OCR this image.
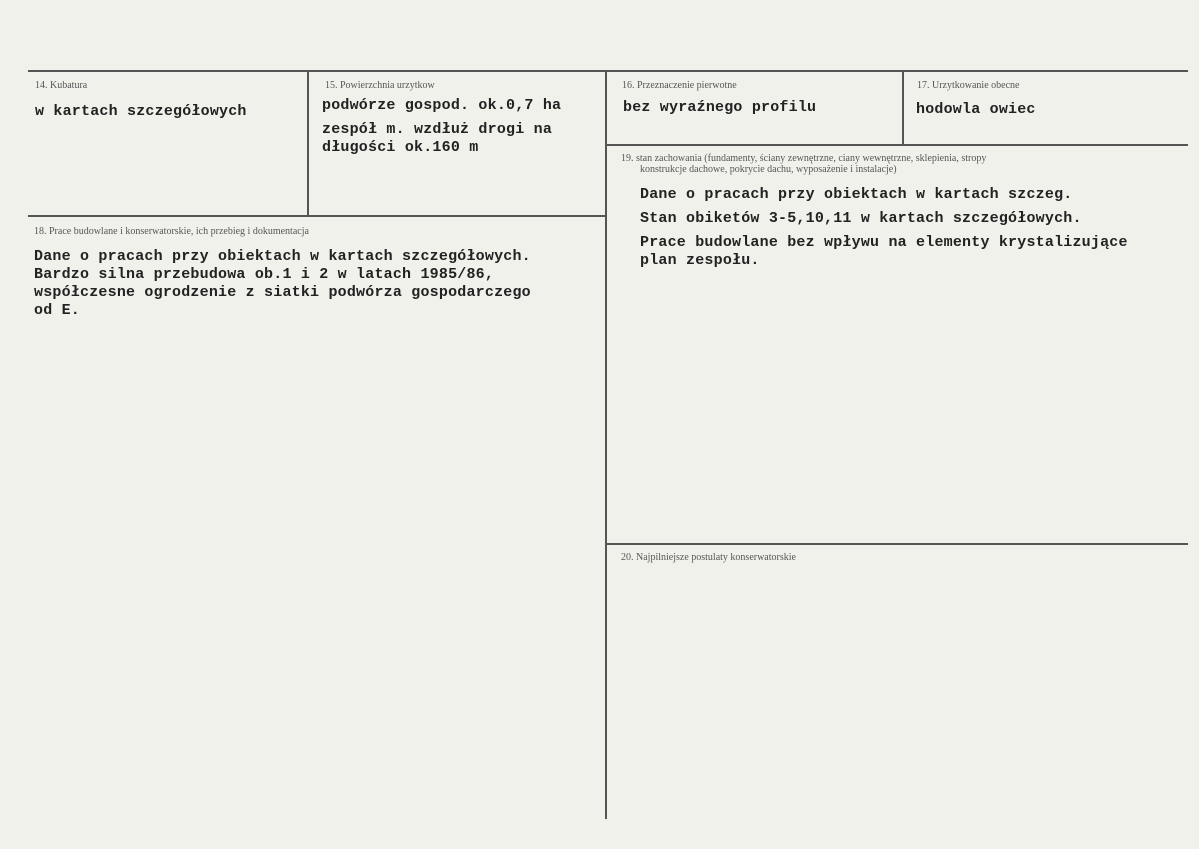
14. Kubatura
w kartach szczegółowych
15. Powierzchnia urzytkow
podwórze gospod. ok.0,7 ha
zespół m. wzdłuż drogi na
długości ok.160 m
16. Przeznaczenie pierwotne
bez wyraźnego profilu
17. Urzytkowanie obecne
hodowla owiec
18. Prace budowlane i konserwatorskie, ich przebieg i dokumentacja
Dane o pracach przy obiektach w kartach szczegółowych.
Bardzo silna przebudowa ob.1 i 2 w latach 1985/86,
współczesne ogrodzenie z siatki podwórza gospodarczego
od E.
19. stan zachowania (fundamenty, ściany zewnętrzne, ciany wewnętrzne, sklepienia, stropy
konstrukcje dachowe, pokrycie dachu, wyposażenie i instalacje)
Dane o pracach przy obiektach w kartach szczeg.
Stan obiketów 3-5,10,11 w kartach szczegółowych.
Prace budowlane bez wpływu na elementy krystalizujące
plan zespołu.
20. Najpilniejsze postulaty konserwatorskie
